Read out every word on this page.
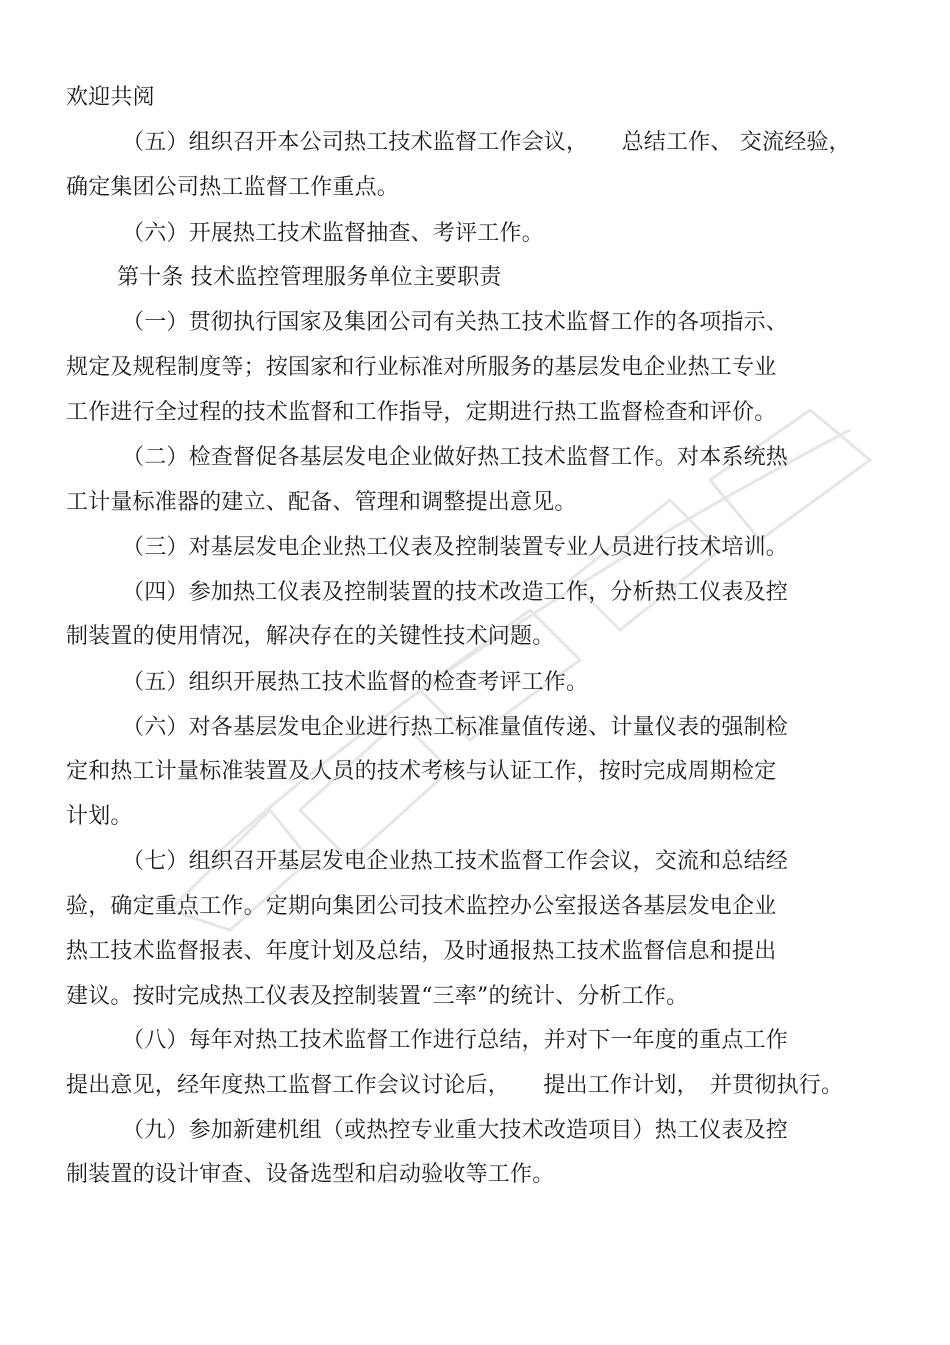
欢迎共阅
（五）组织召开本公司热工技术监督工作会议，　　总结工作、 交流经验，
确定集团公司热工监督工作重点。
（六）开展热工技术监督抽查、考评工作。
第十条 技术监控管理服务单位主要职责
（一）贯彻执行国家及集团公司有关热工技术监督工作的各项指示、
规定及规程制度等；按国家和行业标准对所服务的基层发电企业热工专业
工作进行全过程的技术监督和工作指导，定期进行热工监督检查和评价。
（二）检查督促各基层发电企业做好热工技术监督工作。对本系统热
工计量标准器的建立、配备、管理和调整提出意见。
（三）对基层发电企业热工仪表及控制装置专业人员进行技术培训。
（四）参加热工仪表及控制装置的技术改造工作，分析热工仪表及控
制装置的使用情况，解决存在的关键性技术问题。
（五）组织开展热工技术监督的检查考评工作。
（六）对各基层发电企业进行热工标准量值传递、计量仪表的强制检
定和热工计量标准装置及人员的技术考核与认证工作，按时完成周期检定
计划。
（七）组织召开基层发电企业热工技术监督工作会议，交流和总结经
验，确定重点工作。定期向集团公司技术监控办公室报送各基层发电企业
热工技术监督报表、年度计划及总结，及时通报热工技术监督信息和提出
建议。按时完成热工仪表及控制装置“三率”的统计、分析工作。
（八）每年对热工技术监督工作进行总结，并对下一年度的重点工作
提出意见，经年度热工监督工作会议讨论后，　　提出工作计划，　并贯彻执行。
（九）参加新建机组（或热控专业重大技术改造项目）热工仪表及控
制装置的设计审查、设备选型和启动验收等工作。
